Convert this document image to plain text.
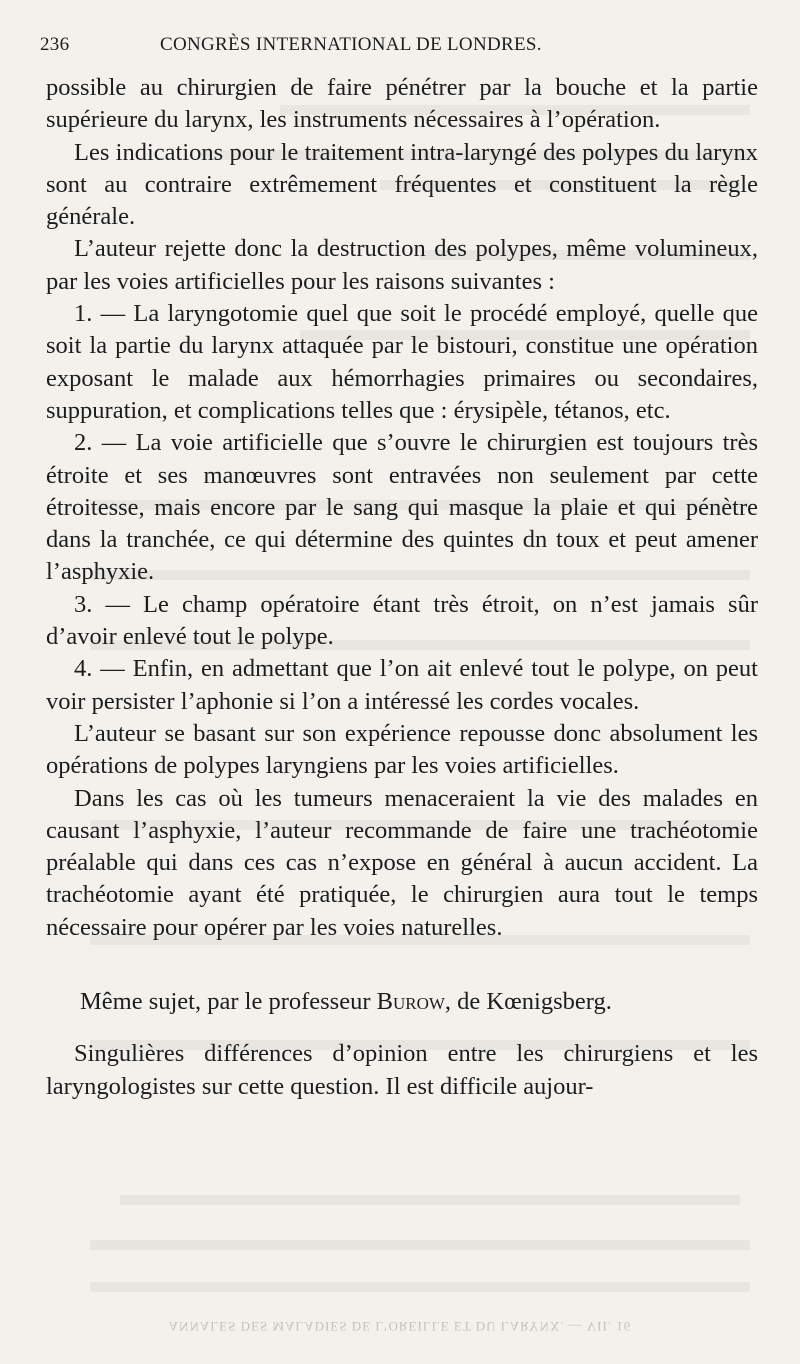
236	CONGRÈS INTERNATIONAL DE LONDRES.

possible au chirurgien de faire pénétrer par la bouche et la partie supérieure du larynx, les instruments nécessaires à l’opération.

Les indications pour le traitement intra-laryngé des polypes du larynx sont au contraire extrêmement fréquentes et constituent la règle générale.

L’auteur rejette donc la destruction des polypes, même volumineux, par les voies artificielles pour les raisons suivantes :

1. — La laryngotomie quel que soit le procédé employé, quelle que soit la partie du larynx attaquée par le bistouri, constitue une opération exposant le malade aux hémorrhagies primaires ou secondaires, suppuration, et complications telles que : érysipèle, tétanos, etc.

2. — La voie artificielle que s’ouvre le chirurgien est toujours très étroite et ses manœuvres sont entravées non seulement par cette étroitesse, mais encore par le sang qui masque la plaie et qui pénètre dans la tranchée, ce qui détermine des quintes dn toux et peut amener l’asphyxie.

3. — Le champ opératoire étant très étroit, on n’est jamais sûr d’avoir enlevé tout le polype.

4. — Enfin, en admettant que l’on ait enlevé tout le polype, on peut voir persister l’aphonie si l’on a intéressé les cordes vocales.

L’auteur se basant sur son expérience repousse donc absolument les opérations de polypes laryngiens par les voies artificielles.

Dans les cas où les tumeurs menaceraient la vie des malades en causant l’asphyxie, l’auteur recommande de faire une trachéotomie préalable qui dans ces cas n’expose en général à aucun accident. La trachéotomie ayant été pratiquée, le chirurgien aura tout le temps nécessaire pour opérer par les voies naturelles.

Même sujet, par le professeur Burow, de Kœnigsberg.

Singulières différences d’opinion entre les chirurgiens et les laryngologistes sur cette question. Il est difficile aujour-

ANNALES DES MALADIES DE L’OREILLE ET DU LARYNX. — VII. 16
